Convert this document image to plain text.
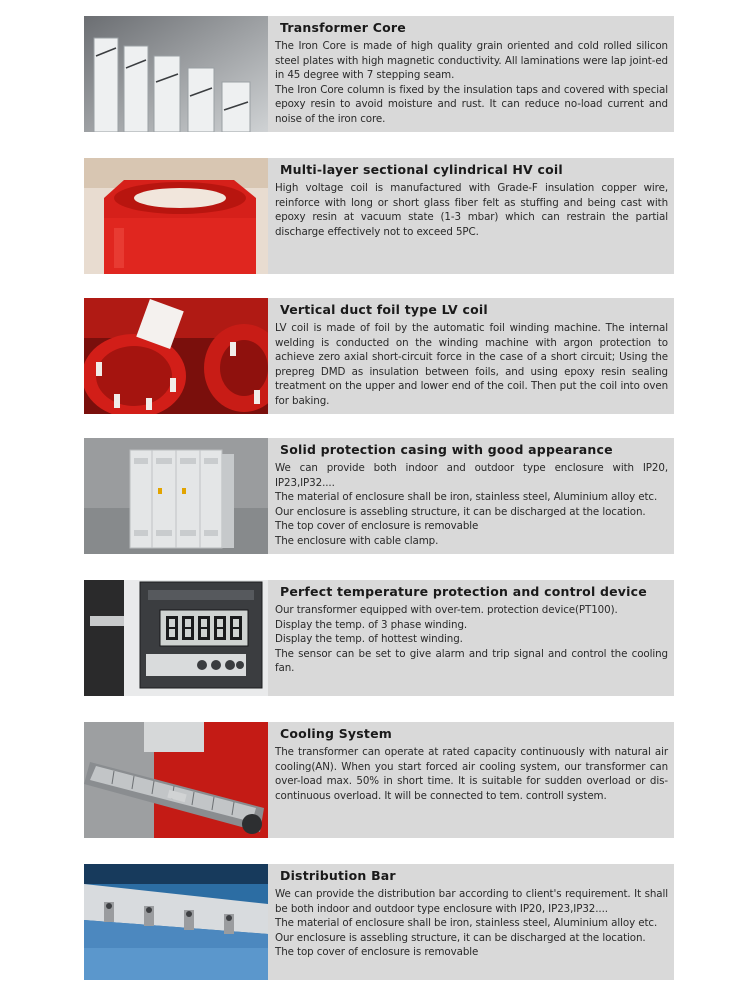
Transformer Core

The Iron Core is made of high quality grain oriented and cold rolled silicon steel plates with high magnetic conductivity. All laminations were lap joint-ed in 45 degree with 7 stepping seam.

The Iron Core column is fixed by the insulation taps and covered with special epoxy resin to avoid moisture and rust. It can reduce no-load current and noise of the iron core.

Multi-layer sectional cylindrical HV coil

High voltage coil is manufactured with Grade-F insulation copper wire, reinforce with long or short glass fiber felt as stuffing and being cast with epoxy resin at vacuum state (1-3 mbar) which can restrain the partial discharge effectively not to exceed 5PC.

Vertical duct foil type LV coil

LV coil is made of foil by the automatic foil winding machine. The internal welding is conducted on the winding machine with argon protection to achieve zero axial short-circuit force in the case of a short circuit; Using the prepreg DMD as insulation between foils, and using epoxy resin sealing treatment on the upper and lower end of the coil. Then put the coil into oven for baking.

Solid protection casing with good appearance

We can provide both indoor and outdoor type enclosure with IP20, IP23,IP32....

The material of enclosure shall be iron, stainless steel, Aluminium alloy etc.

Our enclosure is assebling structure, it can be discharged at the location.

The top cover of enclosure is removable

The enclosure with cable clamp.

Perfect temperature protection and control device

Our transformer equipped with over-tem. protection device(PT100).

Display the temp. of 3 phase winding.

Display the temp. of hottest winding.

The sensor can be set to give alarm and trip signal and control the cooling fan.

Cooling System

The transformer can operate at rated capacity continuously with natural air cooling(AN). When you start forced air cooling system, our transformer can over-load max. 50% in short time. It is suitable for sudden overload or dis-continuous overload. It will be connected to tem. controll system.

Distribution Bar

We can provide the distribution bar according to client's requirement. It shall be both indoor and outdoor type enclosure with IP20, IP23,IP32....

The material of enclosure shall be iron, stainless steel, Aluminium alloy etc.

Our enclosure is assebling structure, it can be discharged at the location.

The top cover of enclosure is removable
